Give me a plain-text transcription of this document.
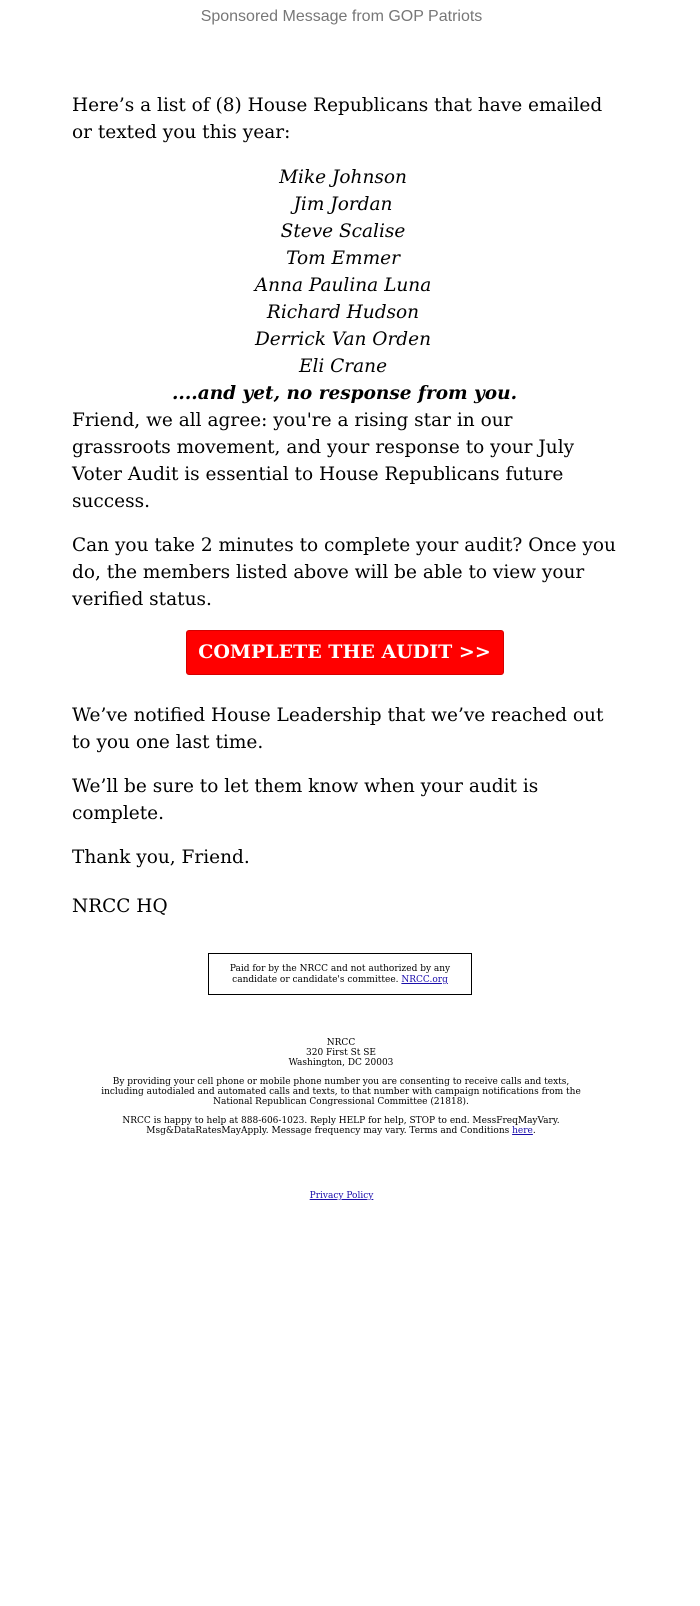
Sponsored Message from GOP Patriots

Here’s a list of (8) House Republicans that have emailed or texted you this year:

Mike Johnson
Jim Jordan
Steve Scalise
Tom Emmer
Anna Paulina Luna
Richard Hudson
Derrick Van Orden
Eli Crane

....and yet, no response from you.

Friend, we all agree: you're a rising star in our grassroots movement, and your response to your July Voter Audit is essential to House Republicans future success.

Can you take 2 minutes to complete your audit? Once you do, the members listed above will be able to view your verified status.

COMPLETE THE AUDIT >>

We’ve notified House Leadership that we’ve reached out to you one last time.

We’ll be sure to let them know when your audit is complete.

Thank you, Friend.

NRCC HQ

Paid for by the NRCC and not authorized by any candidate or candidate's committee. NRCC.org

NRCC

320 First St SE

Washington, DC 20003

By providing your cell phone or mobile phone number you are consenting to receive calls and texts, including autodialed and automated calls and texts, to that number with campaign notifications from the National Republican Congressional Committee (21818).

NRCC is happy to help at 888-606-1023. Reply HELP for help, STOP to end. MessFreqMayVary. Msg&DataRatesMayApply. Message frequency may vary. Terms and Conditions here.

Privacy Policy
